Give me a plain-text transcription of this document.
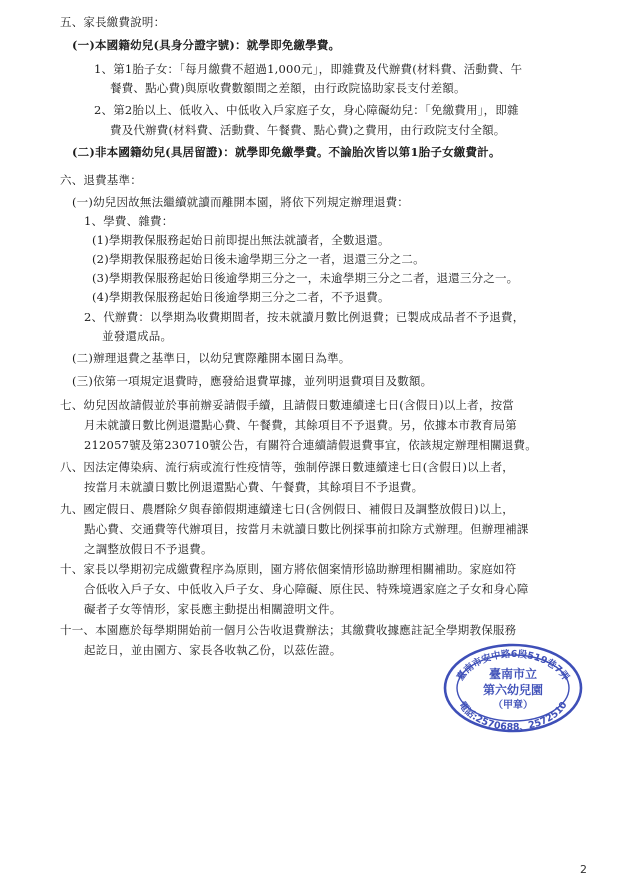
五、家長繳費說明：
(一)本國籍幼兒(具身分證字號)：就學即免繳學費。
1、第1胎子女：「每月繳費不超過1,000元」，即雜費及代辦費(材料費、活動費、午
餐費、點心費)與原收費數額間之差額，由行政院協助家長支付差額。
2、第2胎以上、低收入、中低收入戶家庭子女，身心障礙幼兒：「免繳費用」，即雜
費及代辦費(材料費、活動費、午餐費、點心費)之費用，由行政院支付全額。
(二)非本國籍幼兒(具居留證)：就學即免繳學費。不論胎次皆以第1胎子女繳費計。
六、退費基準：
(一)幼兒因故無法繼續就讀而離開本園，將依下列規定辦理退費：
1、學費、雜費：
(1)學期教保服務起始日前即提出無法就讀者，全數退還。
(2)學期教保服務起始日後未逾學期三分之一者，退還三分之二。
(3)學期教保服務起始日後逾學期三分之一，未逾學期三分之二者，退還三分之一。
(4)學期教保服務起始日後逾學期三分之二者，不予退費。
2、代辦費：以學期為收費期間者，按未就讀月數比例退費；已製成成品者不予退費，
並發還成品。
(二)辦理退費之基準日，以幼兒實際離開本園日為準。
(三)依第一項規定退費時，應發給退費單據，並列明退費項目及數額。
七、幼兒因故請假並於事前辦妥請假手續，且請假日數連續達七日(含假日)以上者，按當
月未就讀日數比例退還點心費、午餐費，其餘項目不予退費。另，依據本市教育局第
212057號及第230710號公告，有關符合連續請假退費事宜，依該規定辦理相關退費。
八、因法定傳染病、流行病或流行性疫情等，強制停課日數連續達七日(含假日)以上者，
按當月未就讀日數比例退還點心費、午餐費，其餘項目不予退費。
九、國定假日、農曆除夕與春節假期連續達七日(含例假日、補假日及調整放假日)以上，
點心費、交通費等代辦項目，按當月未就讀日數比例採事前扣除方式辦理。但辦理補課
之調整放假日不予退費。
十、家長以學期初完成繳費程序為原則，園方將依個案情形協助辦理相關補助。家庭如符
合低收入戶子女、中低收入戶子女、身心障礙、原住民、特殊境遇家庭之子女和身心障
礙者子女等情形，家長應主動提出相關證明文件。
十一、本園應於每學期開始前一個月公告收退費辦法；其繳費收據應註記全學期教保服務
起訖日，並由園方、家長各收執乙份，以茲佐證。
臺南市安中路6段519巷7弄
電話:2570688、2572510
臺南市立
第六幼兒園
（甲章）
2
